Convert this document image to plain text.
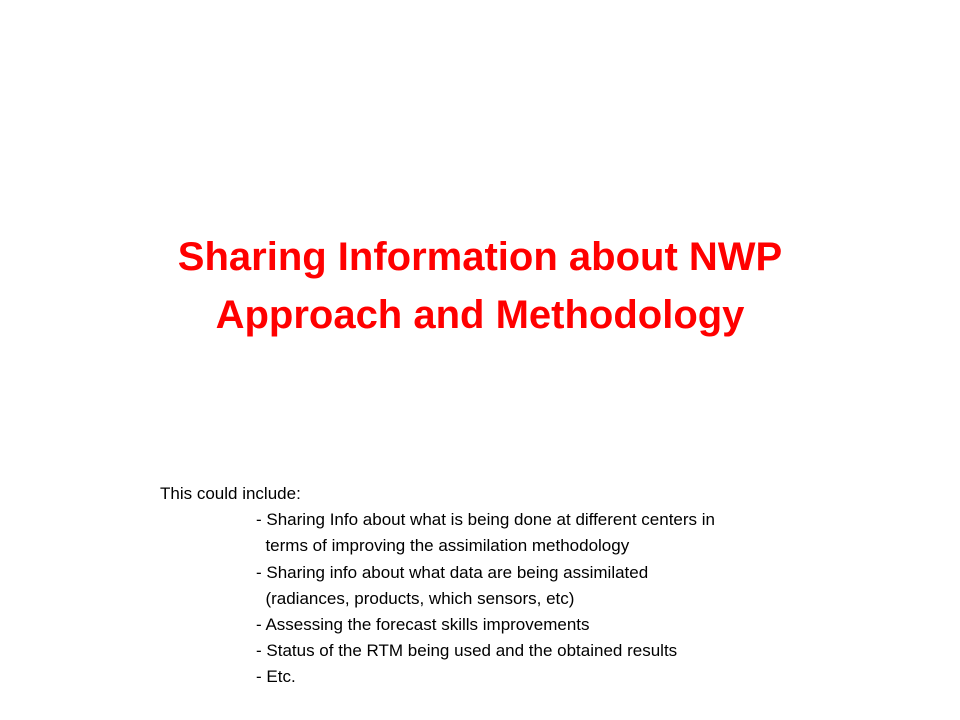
Sharing Information about NWP
Approach and Methodology
This could include:
- Sharing Info about what is being done at different centers in
terms of improving the assimilation methodology
- Sharing info about what data are being assimilated
(radiances, products, which sensors, etc)
- Assessing the forecast skills improvements
- Status of the RTM being used and the obtained results
- Etc.
